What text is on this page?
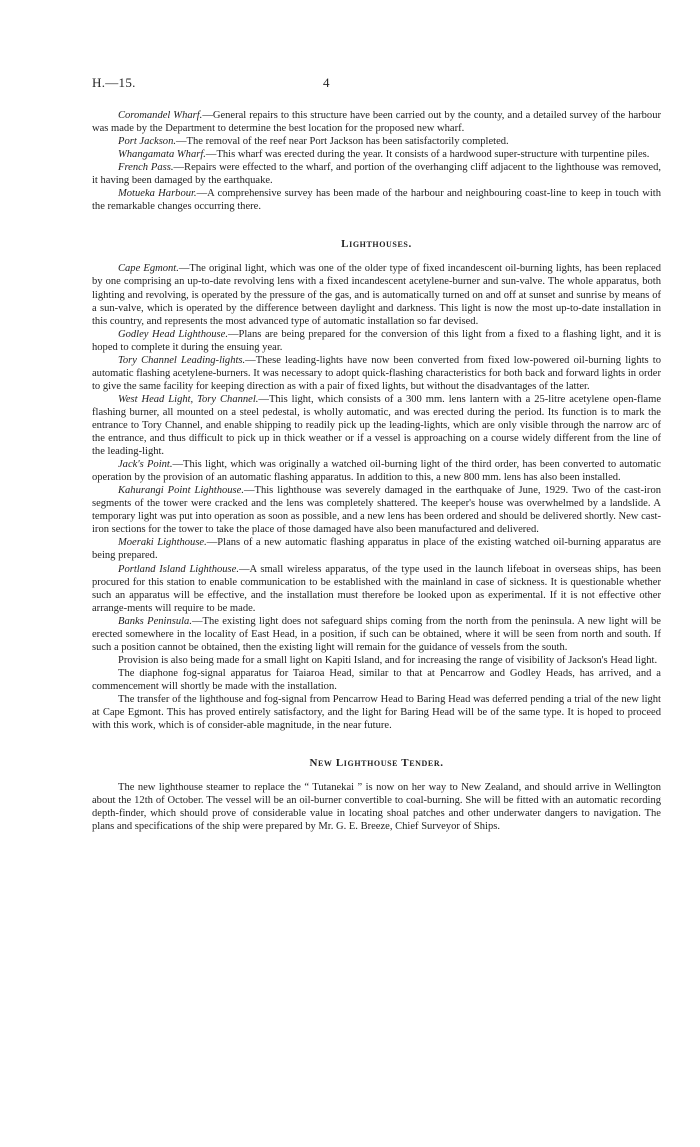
H.—15.	4

Coromandel Wharf.—General repairs to this structure have been carried out by the county, and a detailed survey of the harbour was made by the Department to determine the best location for the proposed new wharf.

Port Jackson.—The removal of the reef near Port Jackson has been satisfactorily completed.

Whangamata Wharf.—This wharf was erected during the year. It consists of a hardwood super-structure with turpentine piles.

French Pass.—Repairs were effected to the wharf, and portion of the overhanging cliff adjacent to the lighthouse was removed, it having been damaged by the earthquake.

Motueka Harbour.—A comprehensive survey has been made of the harbour and neighbouring coast-line to keep in touch with the remarkable changes occurring there.

Lighthouses.

Cape Egmont.—The original light, which was one of the older type of fixed incandescent oil-burning lights, has been replaced by one comprising an up-to-date revolving lens with a fixed incandescent acetylene-burner and sun-valve. The whole apparatus, both lighting and revolving, is operated by the pressure of the gas, and is automatically turned on and off at sunset and sunrise by means of a sun-valve, which is operated by the difference between daylight and darkness. This light is now the most up-to-date installation in this country, and represents the most advanced type of automatic installation so far devised.

Godley Head Lighthouse.—Plans are being prepared for the conversion of this light from a fixed to a flashing light, and it is hoped to complete it during the ensuing year.

Tory Channel Leading-lights.—These leading-lights have now been converted from fixed low-powered oil-burning lights to automatic flashing acetylene-burners. It was necessary to adopt quick-flashing characteristics for both back and forward lights in order to give the same facility for keeping direction as with a pair of fixed lights, but without the disadvantages of the latter.

West Head Light, Tory Channel.—This light, which consists of a 300 mm. lens lantern with a 25-litre acetylene open-flame flashing burner, all mounted on a steel pedestal, is wholly automatic, and was erected during the period. Its function is to mark the entrance to Tory Channel, and enable shipping to readily pick up the leading-lights, which are only visible through the narrow arc of the entrance, and thus difficult to pick up in thick weather or if a vessel is approaching on a course widely different from the line of the leading-light.

Jack's Point.—This light, which was originally a watched oil-burning light of the third order, has been converted to automatic operation by the provision of an automatic flashing apparatus. In addition to this, a new 800 mm. lens has also been installed.

Kahurangi Point Lighthouse.—This lighthouse was severely damaged in the earthquake of June, 1929. Two of the cast-iron segments of the tower were cracked and the lens was completely shattered. The keeper's house was overwhelmed by a landslide. A temporary light was put into operation as soon as possible, and a new lens has been ordered and should be delivered shortly. New cast-iron sections for the tower to take the place of those damaged have also been manufactured and delivered.

Moeraki Lighthouse.—Plans of a new automatic flashing apparatus in place of the existing watched oil-burning apparatus are being prepared.

Portland Island Lighthouse.—A small wireless apparatus, of the type used in the launch lifeboat in overseas ships, has been procured for this station to enable communication to be established with the mainland in case of sickness. It is questionable whether such an apparatus will be effective, and the installation must therefore be looked upon as experimental. If it is not effective other arrange-ments will require to be made.

Banks Peninsula.—The existing light does not safeguard ships coming from the north from the peninsula. A new light will be erected somewhere in the locality of East Head, in a position, if such can be obtained, where it will be seen from north and south. If such a position cannot be obtained, then the existing light will remain for the guidance of vessels from the south.

Provision is also being made for a small light on Kapiti Island, and for increasing the range of visibility of Jackson's Head light.

The diaphone fog-signal apparatus for Taiaroa Head, similar to that at Pencarrow and Godley Heads, has arrived, and a commencement will shortly be made with the installation.

The transfer of the lighthouse and fog-signal from Pencarrow Head to Baring Head was deferred pending a trial of the new light at Cape Egmont. This has proved entirely satisfactory, and the light for Baring Head will be of the same type. It is hoped to proceed with this work, which is of consider-able magnitude, in the near future.

New Lighthouse Tender.

The new lighthouse steamer to replace the “ Tutanekai ” is now on her way to New Zealand, and should arrive in Wellington about the 12th of October. The vessel will be an oil-burner convertible to coal-burning. She will be fitted with an automatic recording depth-finder, which should prove of considerable value in locating shoal patches and other underwater dangers to navigation. The plans and specifications of the ship were prepared by Mr. G. E. Breeze, Chief Surveyor of Ships.
